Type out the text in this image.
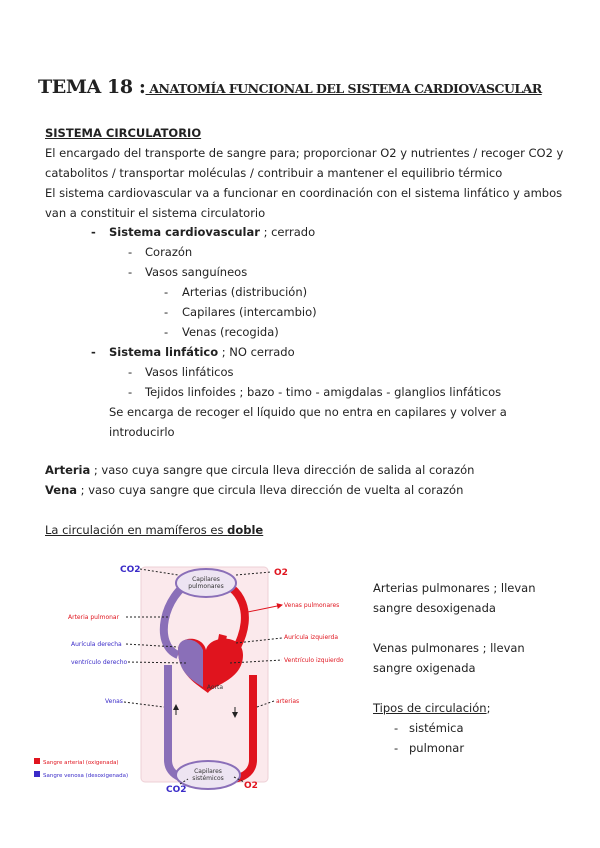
TEMA 18 : ANATOMÍA FUNCIONAL DEL SISTEMA CARDIOVASCULAR
SISTEMA CIRCULATORIO
El encargado del transporte de sangre para; proporcionar O2 y nutrientes / recoger CO2 y
catabolitos / transportar moléculas / contribuir a mantener el equilibrio térmico
El sistema cardiovascular va a funcionar en coordinación con el sistema linfático y ambos
van a constituir el sistema circulatorio
- Sistema cardiovascular ; cerrado
- Corazón
- Vasos sanguíneos
- Arterias (distribución)
- Capilares (intercambio)
- Venas (recogida)
- Sistema linfático ; NO cerrado
- Vasos linfáticos
- Tejidos linfoides ; bazo - timo - amigdalas - glanglios linfáticos
Se encarga de recoger el líquido que no entra en capilares y volver a
introducirlo
Arteria ; vaso cuya sangre que circula lleva dirección de salida al corazón
Vena ; vaso cuya sangre que circula lleva dirección de vuelta al corazón
La circulación en mamíferos es doble
Capilares
pulmonares
Aorta
Capilares
sistémicos
CO2	O2
Arteria pulmonar
Aurícula derecha
ventrículo derecho
Venas
Venas pulmonares
Aurícula izquierda
Ventrículo izquierdo
arterias
CO2	O2
Sangre arterial (oxigenada)
Sangre venosa (desoxigenada)
Arterias pulmonares ; llevan
sangre desoxigenada
Venas pulmonares ; llevan
sangre oxigenada
Tipos de circulación;
- sistémica
- pulmonar
